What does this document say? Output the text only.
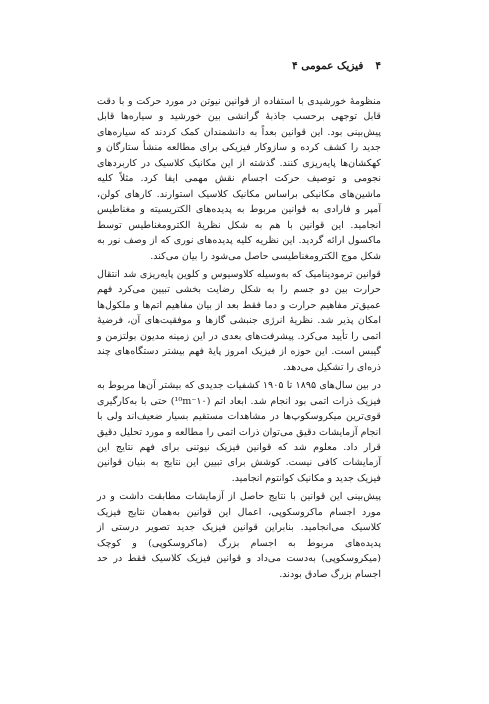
۴فیزیک عمومی ۴

منظومهٔ خورشیدی با استفاده از قوانین نیوتن در مورد حرکت و با دقت قابل توجهی برحسب جاذبهٔ گرانشی بین خورشید و سیاره‌ها قابل پیش‌بینی بود. این قوانین بعداً به دانشمندان کمک کردند که سیاره‌های جدید را کشف کرده و سازوکار فیزیکی برای مطالعه منشأ ستارگان و کهکشان‌ها پایه‌ریزی کنند. گذشته از این مکانیک کلاسیک در کاربردهای نجومی و توصیف حرکت اجسام نقش مهمی ایفا کرد. مثلاً کلیه ماشین‌های مکانیکی براساس مکانیک کلاسیک استوارند. کارهای کولن، آمپر و فارادی به قوانین مربوط به پدیده‌های الکتریسیته و مغناطیس انجامید. این قوانین با هم به شکل نظریهٔ الکترومغناطیس توسط ماکسول ارائه گردید. این نظریه کلیه پدیده‌های نوری که از وصف نور به شکل موج الکترومغناطیسی حاصل می‌شود را بیان می‌کند.

قوانین ترمودینامیک که به‌وسیله کلاوسیوس و کلوین پایه‌ریزی شد انتقال حرارت بین دو جسم را به شکل رضایت بخشی تبیین می‌کرد فهم عمیق‌تر مفاهیم حرارت و دما فقط بعد از بیان مفاهیم اتم‌ها و ملکول‌ها امکان پذیر شد. نظریهٔ انرژی جنبشی گازها و موفقیت‌های آن، فرضیهٔ اتمی را تأیید می‌کرد. پیشرفت‌های بعدی در این زمینه مدیون بولتزمن و گیبس است. این حوزه از فیزیک امروز پایهٔ فهم بیشتر دستگاه‌های چند ذره‌ای را تشکیل می‌دهد.

در بین سال‌های ۱۸۹۵ تا ۱۹۰۵ کشفیات جدیدی که بیشتر آن‌ها مربوط به فیزیک ذرات اتمی بود انجام شد. ابعاد اتم (۱۰⁻¹⁰m) حتی با به‌کارگیری قوی‌ترین میکروسکوپ‌ها در مشاهدات مستقیم بسیار ضعیف‌اند ولی با انجام آزمایشات دقیق می‌توان ذرات اتمی را مطالعه و مورد تحلیل دقیق قرار داد. معلوم شد که قوانین فیزیک نیوتنی برای فهم نتایج این آزمایشات کافی نیست. کوشش برای تبیین این نتایج به بنیان قوانین فیزیک جدید و مکانیک کوانتوم انجامید.

پیش‌بینی این قوانین با نتایج حاصل از آزمایشات مطابقت داشت و در مورد اجسام ماکروسکوپی، اعمال این قوانین به‌همان نتایج فیزیک کلاسیک می‌انجامید. بنابراین قوانین فیزیک جدید تصویر درستی از پدیده‌های مربوط به اجسام بزرگ (ماکروسکوپی) و کوچک (میکروسکوپی) به‌دست می‌داد و قوانین فیزیک کلاسیک فقط در حد اجسام بزرگ صادق بودند.
